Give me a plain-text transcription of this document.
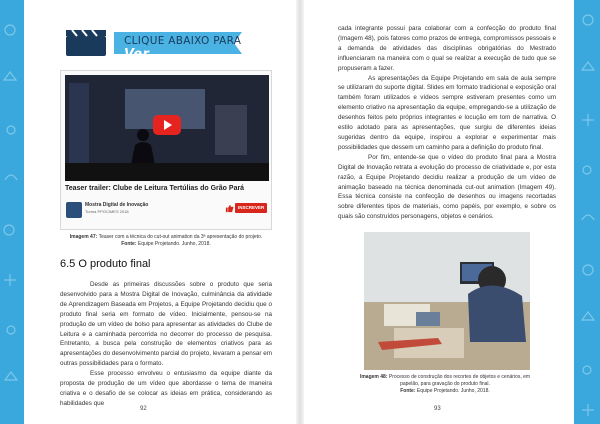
CLIQUE ABAIXO PARA Ver
Teaser trailer: Clube de Leitura Tertúlias do Grão Pará
Mostra Digital de Inovação
Turma PPGCIMES 2018
INSCREVER
Imagem 47: Teaser com a técnica do cut-out animation da 3ª apresentação do projeto.
Fonte: Equipe Projetando. Junho, 2018.
6.5 O produto final

Desde as primeiras discussões sobre o produto que seria desenvolvido para a Mostra Digital de Inovação, culminância da atividade de Aprendizagem Baseada em Projetos, a Equipe Projetando decidiu que o produto final seria em formato de vídeo. Inicialmente, pensou-se na produção de um vídeo de bolso para apresentar as atividades do Clube de Leitura e a caminhada percorrida no decorrer do processo de pesquisa. Entretanto, a busca pela construção de elementos criativos para as apresentações do desenvolvimento parcial do projeto, levaram a pensar em outras possibilidades para o formato.

Esse processo envolveu o entusiasmo da equipe diante da proposta de produção de um vídeo que abordasse o tema de maneira criativa e o desafio de se colocar as ideias em prática, considerando as habilidades que

92

cada integrante possui para colaborar com a confecção do produto final (Imagem 48), pois fatores como prazos de entrega, compromissos pessoais e a demanda de atividades das disciplinas obrigatórias do Mestrado influenciaram na maneira com o qual se realizar a execução de tudo que se propuseram a fazer.

As apresentações da Equipe Projetando em sala de aula sempre se utilizaram do suporte digital. Slides em formato tradicional e exposição oral também foram utilizados e vídeos sempre estiveram presentes como um elemento criativo na apresentação da equipe, empregando-se a utilização de desenhos feitos pelo próprios integrantes e locução em tom de narrativa. O estilo adotado para as apresentações, que surgiu de diferentes ideias sugeridas dentro da equipe, inspirou a explorar e experimentar mais possibilidades que dessem um caminho para a definição do produto final.

Por fim, entende-se que o vídeo do produto final para a Mostra Digital de Inovação retrata a evolução do processo de criatividade e, por esta razão, a Equipe Projetando decidiu realizar a produção de um vídeo de animação baseado na técnica denominada cut-out animation (Imagem 49). Essa técnica consiste na confecção de desenhos ou imagens recortadas sobre diferentes tipos de materiais, como papéis, por exemplo, e sobre os quais são construídos personagens, objetos e cenários.

Imagem 48: Processo de construção dos recortes de objetos e cenários, em papelão, para gravação do produto final.
Fonte: Equipe Projetando. Junho, 2018.
93
